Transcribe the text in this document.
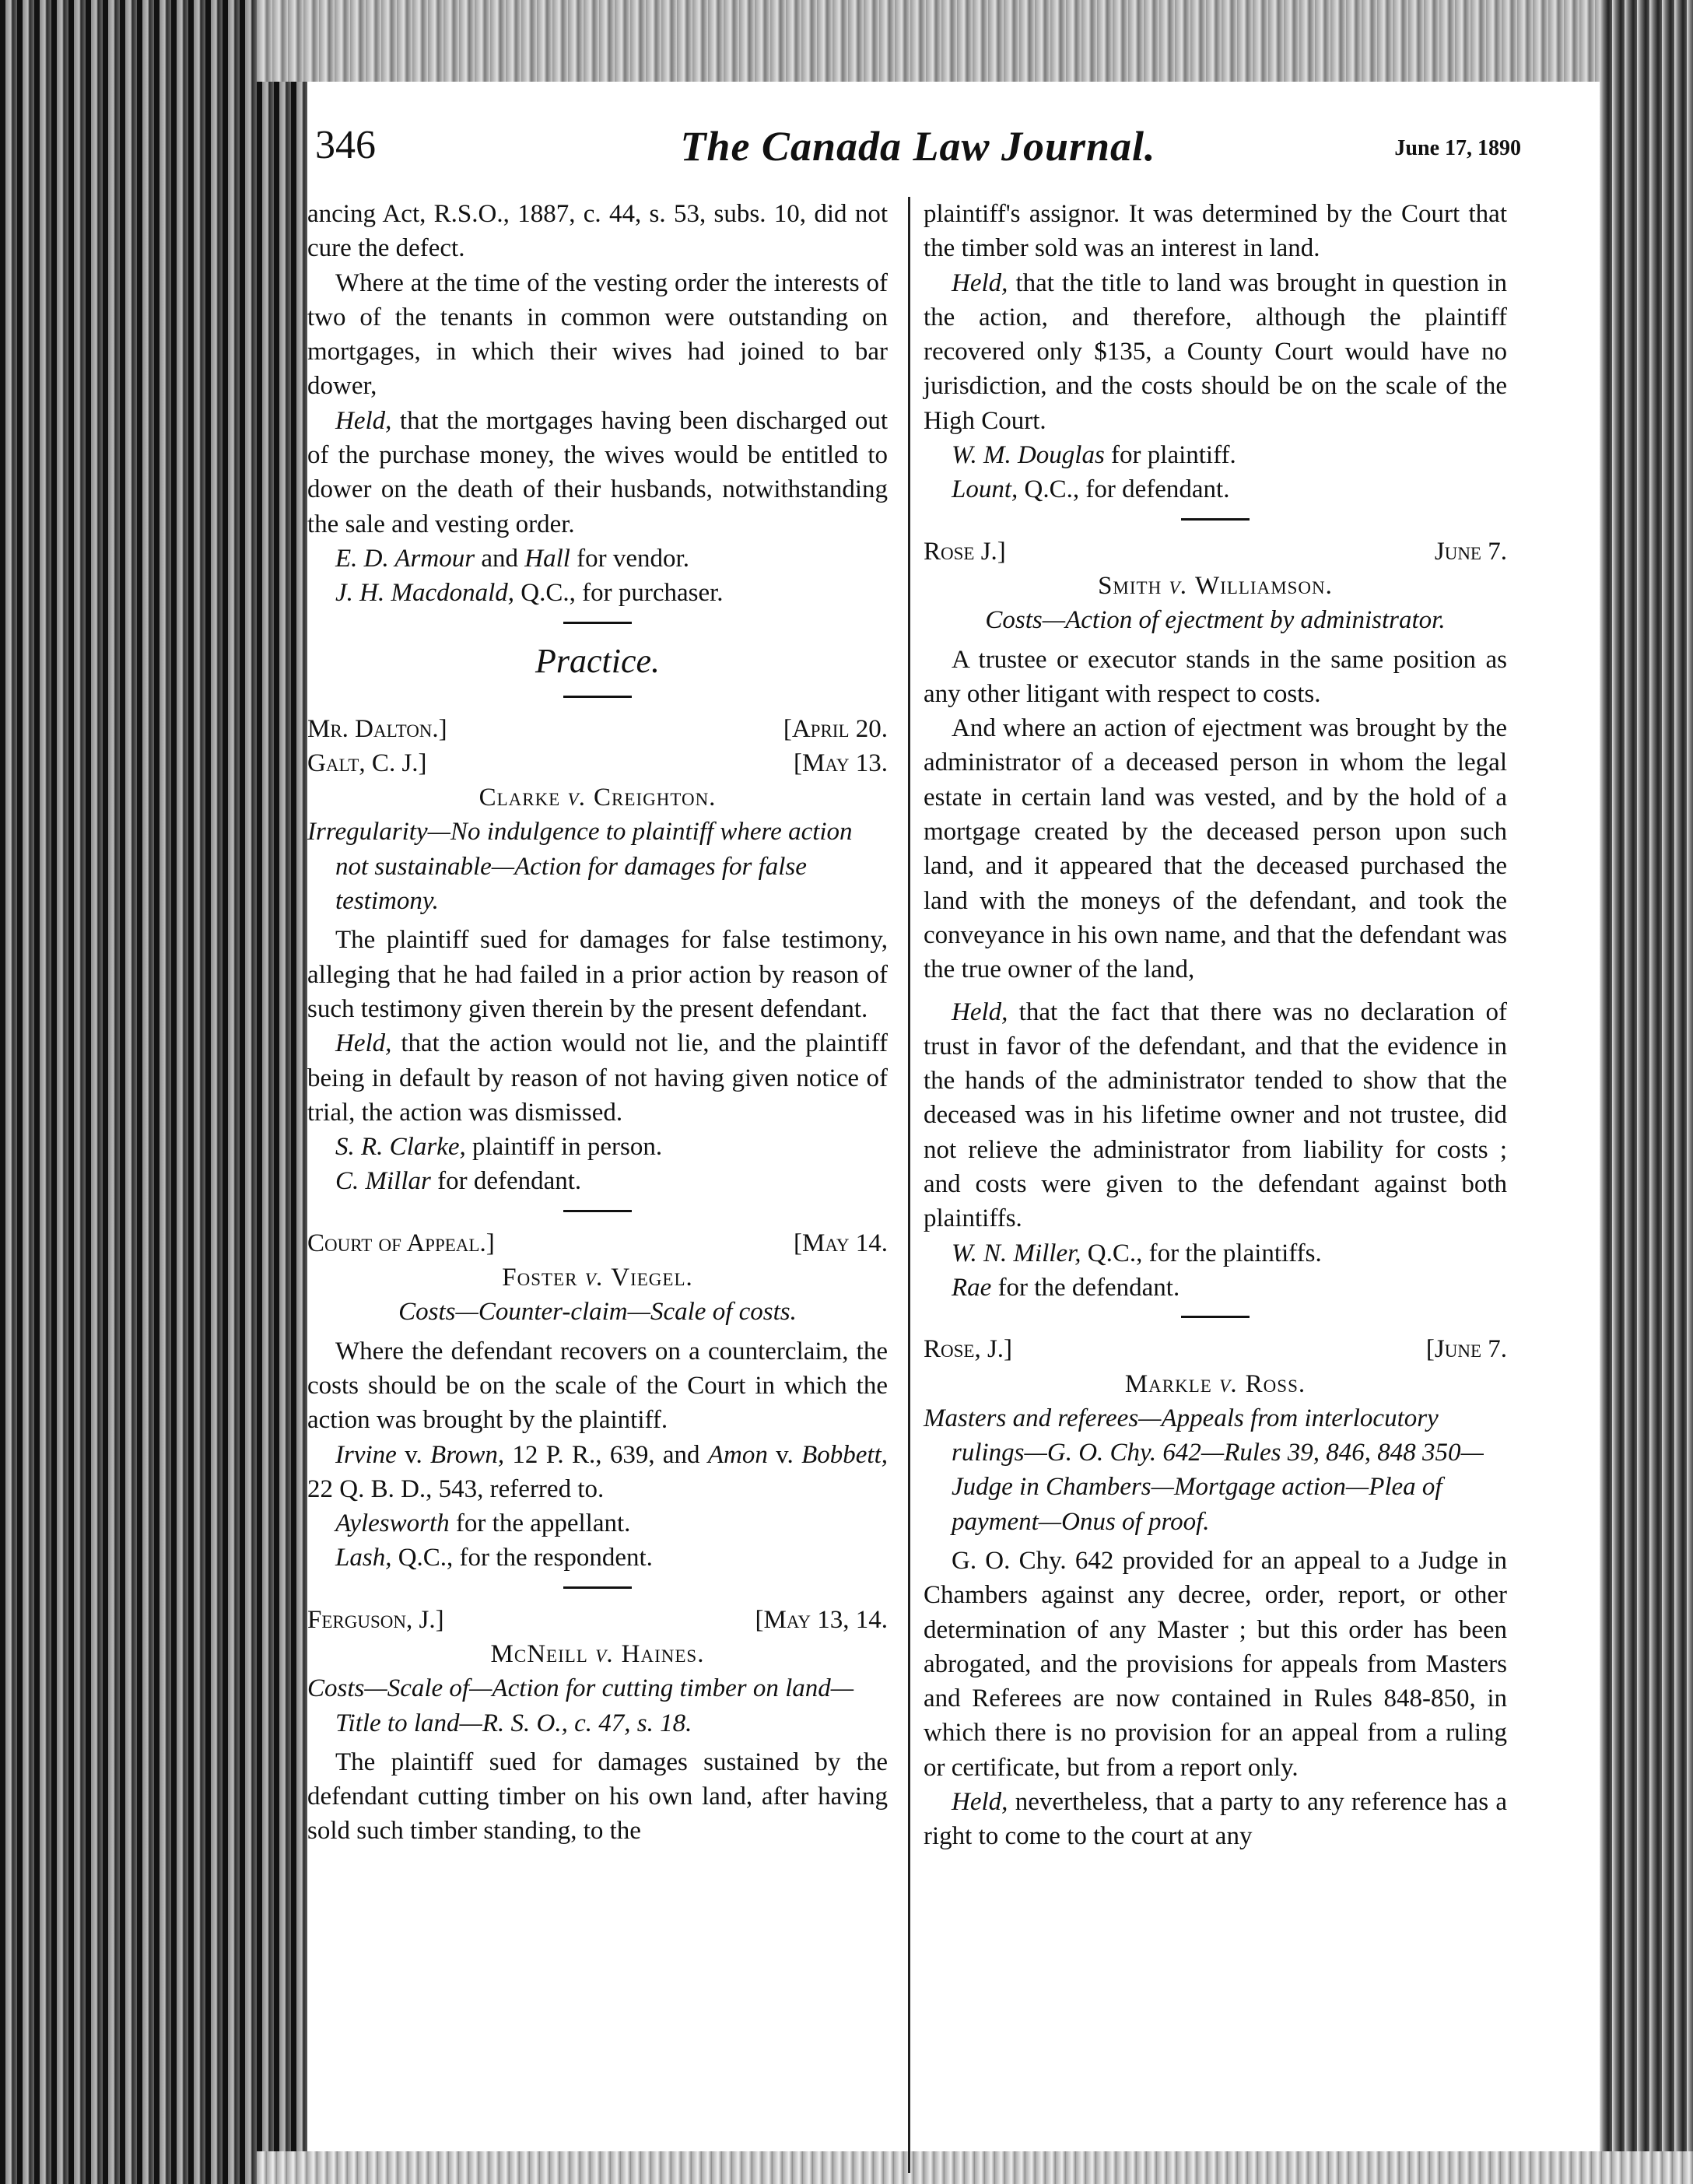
346	The Canada Law Journal.	June 17, 1890

ancing Act, R.S.O., 1887, c. 44, s. 53, subs. 10, did not cure the defect.

Where at the time of the vesting order the interests of two of the tenants in common were outstanding on mortgages, in which their wives had joined to bar dower,

Held, that the mortgages having been discharged out of the purchase money, the wives would be entitled to dower on the death of their husbands, notwithstanding the sale and vesting order.

E. D. Armour and Hall for vendor.

J. H. Macdonald, Q.C., for purchaser.

Practice.
Mr. Dalton.]	[April 20.
Galt, C. J.]	[May 13.
Clarke v. Creighton.

Irregularity—No indulgence to plaintiff where action not sustainable—Action for damages for false testimony.

The plaintiff sued for damages for false testimony, alleging that he had failed in a prior action by reason of such testimony given therein by the present defendant.

Held, that the action would not lie, and the plaintiff being in default by reason of not having given notice of trial, the action was dismissed.

S. R. Clarke, plaintiff in person.

C. Millar for defendant.

Court of Appeal.]	[May 14.
Foster v. Viegel.

Costs—Counter-claim—Scale of costs.

Where the defendant recovers on a counterclaim, the costs should be on the scale of the Court in which the action was brought by the plaintiff.

Irvine v. Brown, 12 P. R., 639, and Amon v. Bobbett, 22 Q. B. D., 543, referred to.

Aylesworth for the appellant.

Lash, Q.C., for the respondent.

Ferguson, J.]	[May 13, 14.
McNeill v. Haines.

Costs—Scale of—Action for cutting timber on land—Title to land—R. S. O., c. 47, s. 18.

The plaintiff sued for damages sustained by the defendant cutting timber on his own land, after having sold such timber standing, to the

plaintiff's assignor. It was determined by the Court that the timber sold was an interest in land.

Held, that the title to land was brought in question in the action, and therefore, although the plaintiff recovered only $135, a County Court would have no jurisdiction, and the costs should be on the scale of the High Court.

W. M. Douglas for plaintiff.

Lount, Q.C., for defendant.

Rose J.]	June 7.
Smith v. Williamson.

Costs—Action of ejectment by administrator.

A trustee or executor stands in the same position as any other litigant with respect to costs.

And where an action of ejectment was brought by the administrator of a deceased person in whom the legal estate in certain land was vested, and by the hold of a mortgage created by the deceased person upon such land, and it appeared that the deceased purchased the land with the moneys of the defendant, and took the conveyance in his own name, and that the defendant was the true owner of the land,

Held, that the fact that there was no declaration of trust in favor of the defendant, and that the evidence in the hands of the administrator tended to show that the deceased was in his lifetime owner and not trustee, did not relieve the administrator from liability for costs ; and costs were given to the defendant against both plaintiffs.

W. N. Miller, Q.C., for the plaintiffs.

Rae for the defendant.

Rose, J.]	[June 7.
Markle v. Ross.

Masters and referees—Appeals from interlocutory rulings—G. O. Chy. 642—Rules 39, 846, 848 350—Judge in Chambers—Mortgage action—Plea of payment—Onus of proof.

G. O. Chy. 642 provided for an appeal to a Judge in Chambers against any decree, order, report, or other determination of any Master ; but this order has been abrogated, and the provisions for appeals from Masters and Referees are now contained in Rules 848-850, in which there is no provision for an appeal from a ruling or certificate, but from a report only.

Held, nevertheless, that a party to any reference has a right to come to the court at any
